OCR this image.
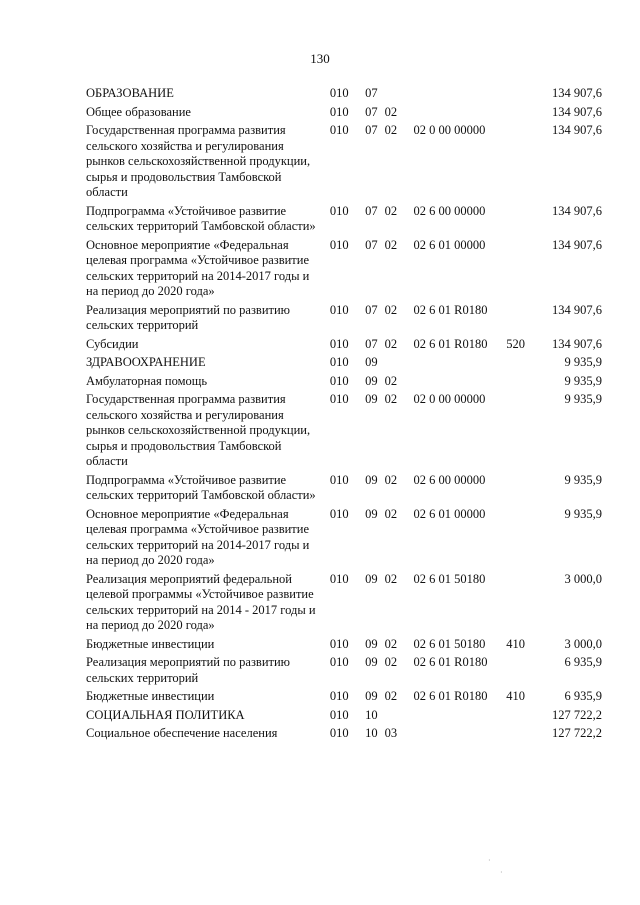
130
ОБРАЗОВАНИЕ	010	07			134 907,6
Общее образование	010	07 02			134 907,6
Государственная программа развития сельского хозяйства и регулирования рынков сельскохозяйственной продукции, сырья и продовольствия Тамбовской области	010	07 02	02 0 00 00000		134 907,6
Подпрограмма «Устойчивое развитие сельских территорий Тамбовской области»	010	07 02	02 6 00 00000		134 907,6
Основное мероприятие «Федеральная целевая программа «Устойчивое развитие сельских территорий на 2014-2017 годы и на период до 2020 года»	010	07 02	02 6 01 00000		134 907,6
Реализация мероприятий по развитию сельских территорий	010	07 02	02 6 01 R0180		134 907,6
Субсидии	010	07 02	02 6 01 R0180	520	134 907,6
ЗДРАВООХРАНЕНИЕ	010	09			9 935,9
Амбулаторная помощь	010	09 02			9 935,9
Государственная программа развития сельского хозяйства и регулирования рынков сельскохозяйственной продукции, сырья и продовольствия Тамбовской области	010	09 02	02 0 00 00000		9 935,9
Подпрограмма «Устойчивое развитие сельских территорий Тамбовской области»	010	09 02	02 6 00 00000		9 935,9
Основное мероприятие «Федеральная целевая программа «Устойчивое развитие сельских территорий на 2014-2017 годы и на период до 2020 года»	010	09 02	02 6 01 00000		9 935,9
Реализация мероприятий федеральной целевой программы «Устойчивое развитие сельских территорий на 2014 - 2017 годы и на период до 2020 года»	010	09 02	02 6 01 50180		3 000,0
Бюджетные инвестиции	010	09 02	02 6 01 50180	410	3 000,0
Реализация мероприятий по развитию сельских территорий	010	09 02	02 6 01 R0180		6 935,9
Бюджетные инвестиции	010	09 02	02 6 01 R0180	410	6 935,9
СОЦИАЛЬНАЯ ПОЛИТИКА	010	10			127 722,2
Социальное обеспечение населения	010	10 03			127 722,2
·
·
